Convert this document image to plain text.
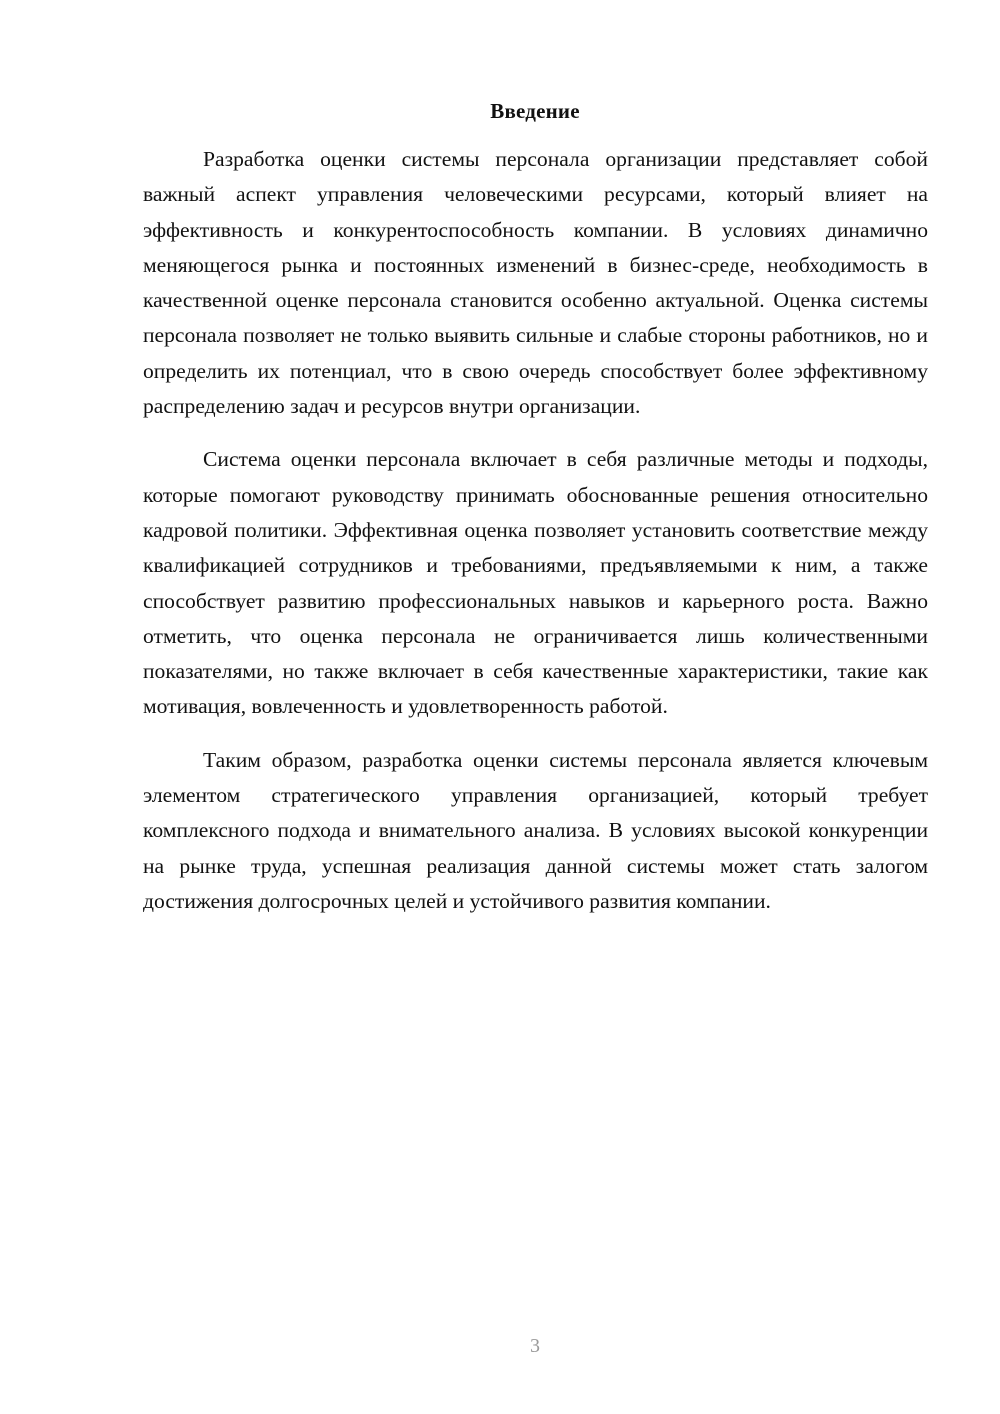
Введение

Разработка оценки системы персонала организации представляет собой важный аспект управления человеческими ресурсами, который влияет на эффективность и конкурентоспособность компании. В условиях динамично меняющегося рынка и постоянных изменений в бизнес-среде, необходимость в качественной оценке персонала становится особенно актуальной. Оценка системы персонала позволяет не только выявить сильные и слабые стороны работников, но и определить их потенциал, что в свою очередь способствует более эффективному распределению задач и ресурсов внутри организации.

Система оценки персонала включает в себя различные методы и подходы, которые помогают руководству принимать обоснованные решения относительно кадровой политики. Эффективная оценка позволяет установить соответствие между квалификацией сотрудников и требованиями, предъявляемыми к ним, а также способствует развитию профессиональных навыков и карьерного роста. Важно отметить, что оценка персонала не ограничивается лишь количественными показателями, но также включает в себя качественные характеристики, такие как мотивация, вовлеченность и удовлетворенность работой.

Таким образом, разработка оценки системы персонала является ключевым элементом стратегического управления организацией, который требует комплексного подхода и внимательного анализа. В условиях высокой конкуренции на рынке труда, успешная реализация данной системы может стать залогом достижения долгосрочных целей и устойчивого развития компании.

3
